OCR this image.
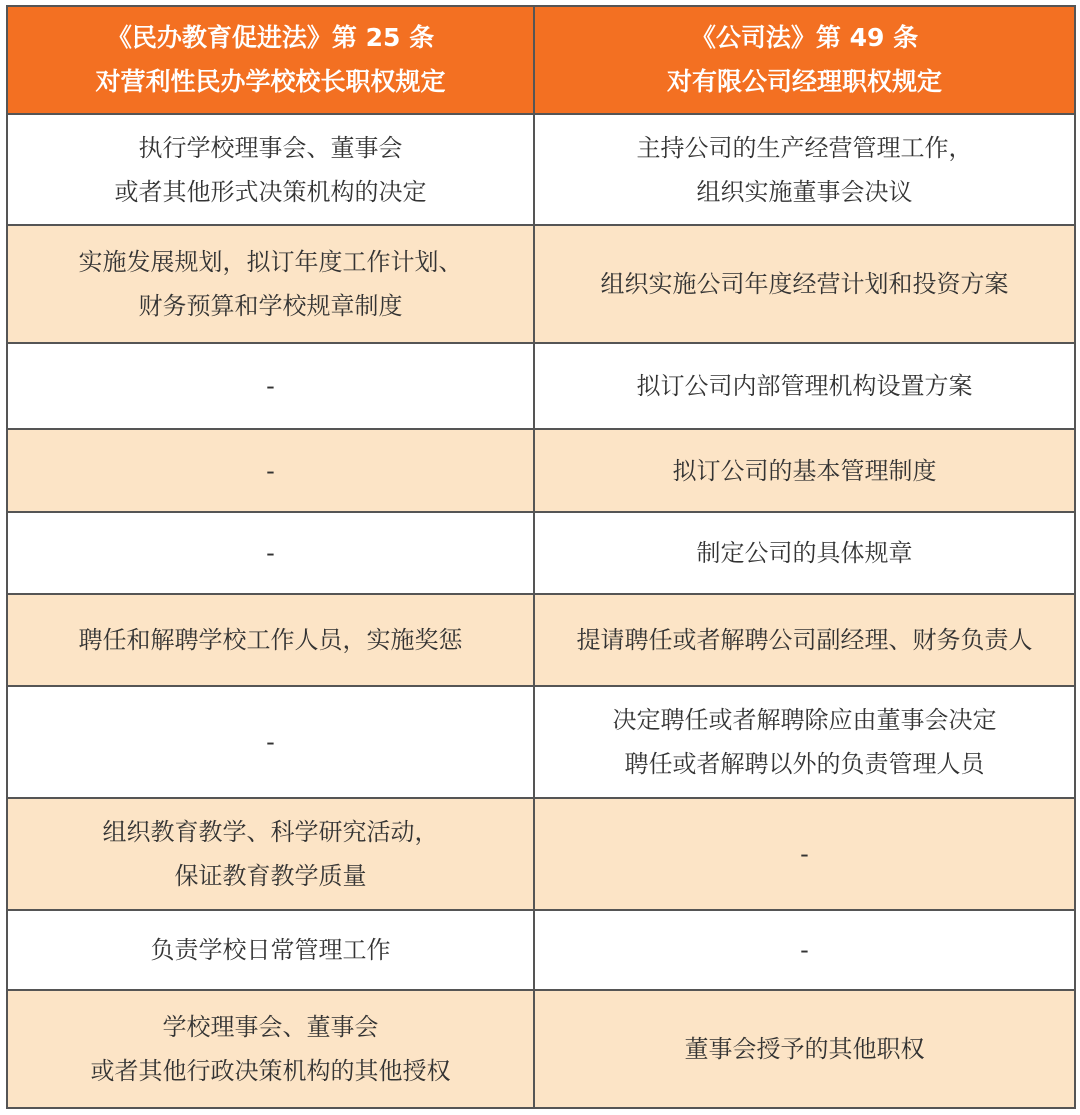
《民办教育促进法》第 25 条
对营利性民办学校校长职权规定	《公司法》第 49 条
对有限公司经理职权规定

执行学校理事会、董事会
或者其他形式决策机构的决定	主持公司的生产经营管理工作，
组织实施董事会决议

实施发展规划，拟订年度工作计划、
财务预算和学校规章制度	组织实施公司年度经营计划和投资方案

-	拟订公司内部管理机构设置方案

-	拟订公司的基本管理制度

-	制定公司的具体规章

聘任和解聘学校工作人员，实施奖惩	提请聘任或者解聘公司副经理、财务负责人

-	决定聘任或者解聘除应由董事会决定
聘任或者解聘以外的负责管理人员

组织教育教学、科学研究活动，
保证教育教学质量	-

负责学校日常管理工作	-

学校理事会、董事会
或者其他行政决策机构的其他授权	董事会授予的其他职权
